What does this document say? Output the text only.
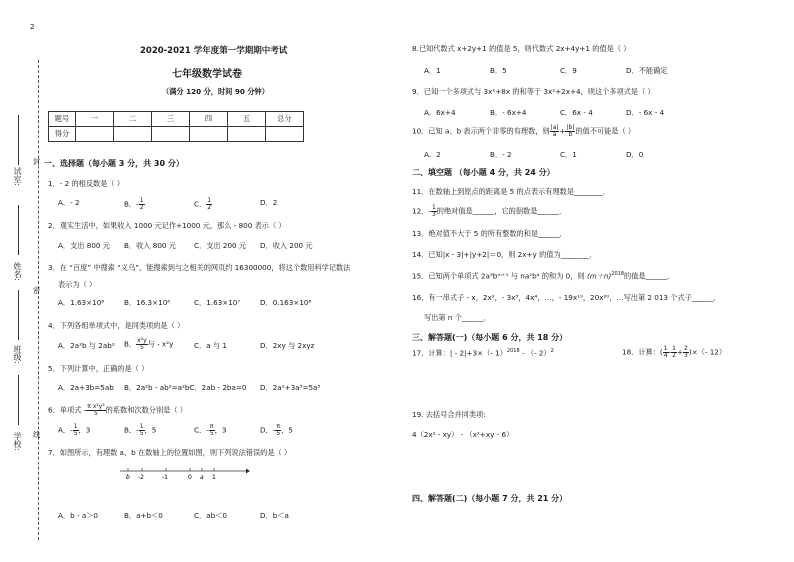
2
试室:
姓名:
班级:
学校:
封
密
线
2020-2021 学年度第一学期期中考试
七年级数学试卷
（满分 120 分，时间 90 分钟）
题号	一	二	三	四	五	总分
得分						
一、选择题（每小题 3 分，共 30 分）
1．- 2 的相反数是（ ）
A．- 2	B．- $\frac{1}{2}$	C． $\frac{1}{2}$	D．2
2．观实生活中，如果收入 1000 元记作+1000 元，那么 - 800 表示（ ）
A．支出 800 元 B．收入 800 元	C．支出 200 元 D．收入 200 元
3．在 “百度” 中搜索 “义乌”，能搜索到与之相关的网页约 16300000，将这个数用科学记数法
表示为（ ）
A．1.63×10⁸	B．16.3×10⁶	C．1.63×10⁷	D．0.163×10⁸
4．下列各组单项式中，是同类项的是（ ）
A．2a²b 与 2ab² B． $\frac{\text{x²y}}{5}$ 与 - x²y	C．a 与 1	D．2xy 与 2xyz
5．下列计算中，正确的是（ ）
A．2a+3b=5ab B．2a²b - ab²=a²bC．2ab - 2ba=0 D．2a²+3a³=5a⁵
6．单项式 - $\frac{\text{π x²y³}}{5}$ 的系数和次数分别是（ ）
A．- $\frac{1}{5}$ ，3	B．- $\frac{1}{5}$ ，5	C．- $\frac{\pi}{5}$ ，3	D．- $\frac{\pi}{5}$ ，5
7．如图所示，有理数 a，b 在数轴上的位置如图，则下列说法错误的是（ ）
b -2	-1	0 a 1
A．b - a＞0	B．a+b＜0	C．ab＜0	D．b＜a
8.已知代数式 x+2y+1 的值是 5，则代数式 2x+4y+1 的值是（ ）
A．1	B．5	C．9	D．不能确定
9．已知一个多项式与 3x²+8x 的和等于 3x²+2x+4，则这个多项式是（ ）
A．6x+4	B．- 6x+4	C．6x - 4	D．- 6x - 4
10．已知 a、b 表示两个非零的有理数，则 $\frac{|a|}{a} + \frac{|b|}{b}$ 的值不可能是（ ）
A．2	B．- 2	C．1	D．0
二、填空题 （每小题 4 分，共 24 分）
11．在数轴上到原点的距离是 5 的点表示有理数是________．
12．- $\frac{1}{3}$ 的绝对值是______，它的倒数是______．
13．绝对值不大于 5 的所有整数的和是______．
14．已知|x - 3|+|y+2|＝0，则 2x+y 的值为________．
15．已知两个单项式 2a³bᵐ⁺¹ 与 na²b⁴ 的和为 0，则 $(m+n)^{2018}$的值是______．
16．有一串式子 - x，2x²，- 3x³，4x⁴，…，- 19x¹⁹，20x²⁰，…写出第 2 013 个式子______．
写出第 n 个______．
三、解答题(一)（每小题 6 分，共 18 分）
17．计算：| - 2|+3×（- 1）$^{2018}$ - （- 2）$^2$	18．计算：( $\frac{1}{4} - \frac{1}{2} + \frac{2}{3}$ )×（- 12）
19. 去括号合并同类项:
4（2x² - xy） - （x²+xy - 6）
四、解答题(二)（每小题 7 分，共 21 分）
